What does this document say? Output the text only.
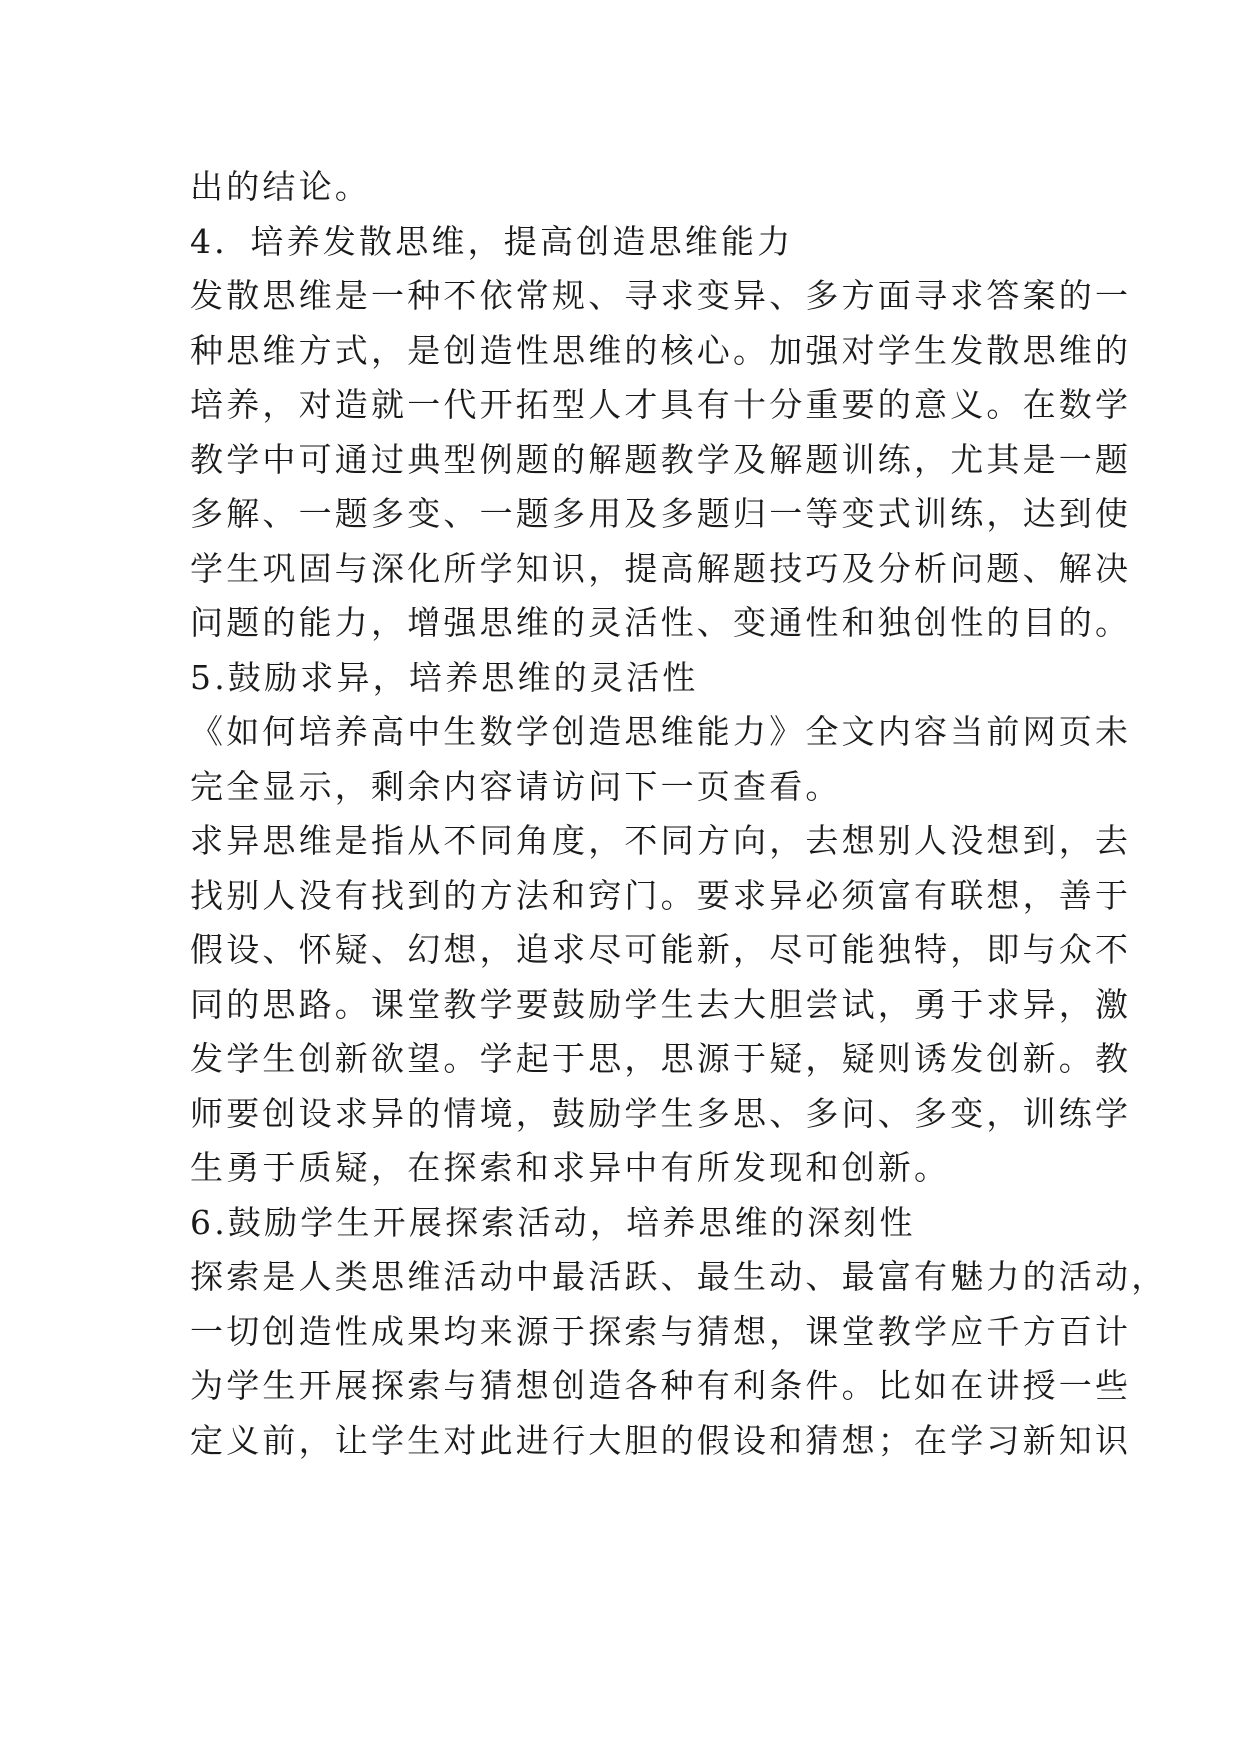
出的结论。
4．培养发散思维，提高创造思维能力
发散思维是一种不依常规、寻求变异、多方面寻求答案的一
种思维方式，是创造性思维的核心。加强对学生发散思维的
培养，对造就一代开拓型人才具有十分重要的意义。在数学
教学中可通过典型例题的解题教学及解题训练，尤其是一题
多解、一题多变、一题多用及多题归一等变式训练，达到使
学生巩固与深化所学知识，提高解题技巧及分析问题、解决
问题的能力，增强思维的灵活性、变通性和独创性的目的。
5.鼓励求异，培养思维的灵活性
《如何培养高中生数学创造思维能力》全文内容当前网页未
完全显示，剩余内容请访问下一页查看。
求异思维是指从不同角度，不同方向，去想别人没想到，去
找别人没有找到的方法和窍门。要求异必须富有联想，善于
假设、怀疑、幻想，追求尽可能新，尽可能独特，即与众不
同的思路。课堂教学要鼓励学生去大胆尝试，勇于求异，激
发学生创新欲望。学起于思，思源于疑，疑则诱发创新。教
师要创设求异的情境，鼓励学生多思、多问、多变，训练学
生勇于质疑，在探索和求异中有所发现和创新。
6.鼓励学生开展探索活动，培养思维的深刻性
探索是人类思维活动中最活跃、最生动、最富有魅力的活动，
一切创造性成果均来源于探索与猜想，课堂教学应千方百计
为学生开展探索与猜想创造各种有利条件。比如在讲授一些
定义前，让学生对此进行大胆的假设和猜想；在学习新知识
